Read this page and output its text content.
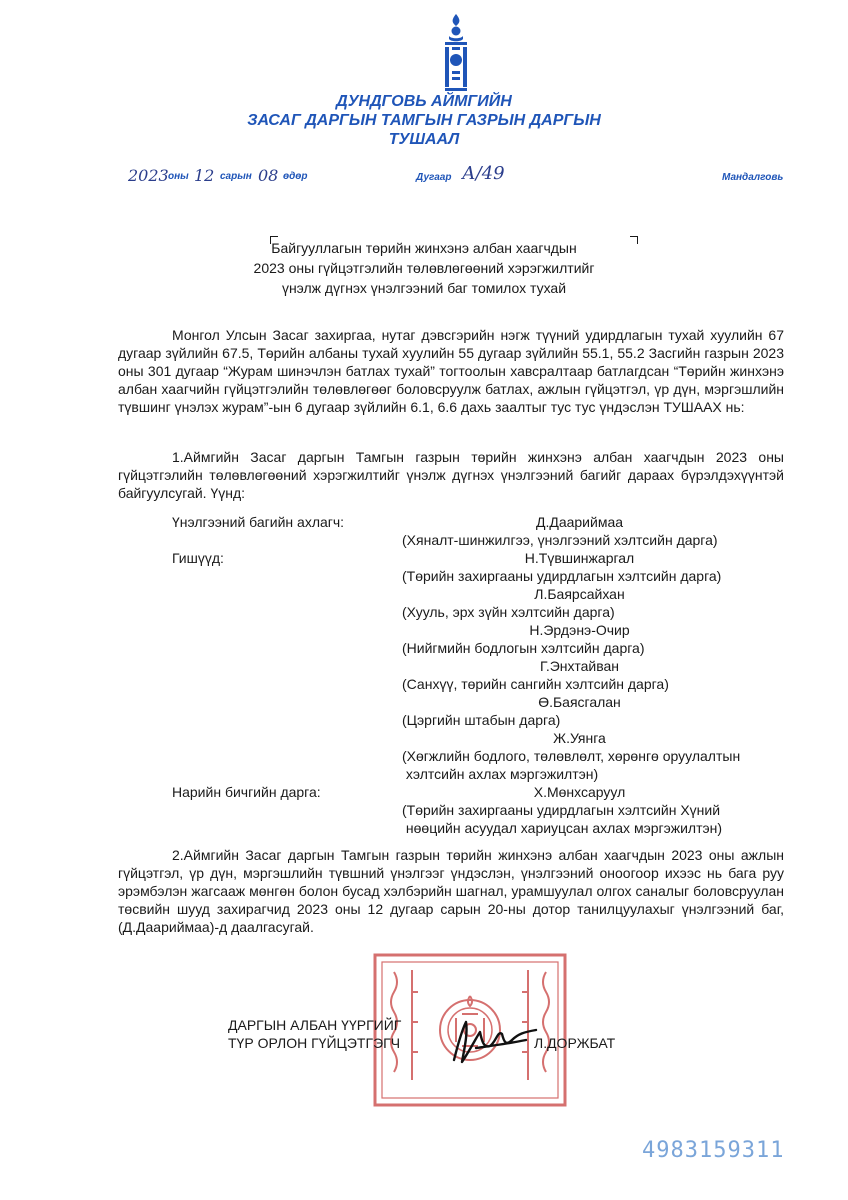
ДУНДГОВЬ АЙМГИЙН
ЗАСАГ ДАРГЫН ТАМГЫН ГАЗРЫН ДАРГЫН
ТУШААЛ
2023 оны 12 сарын 08 өдөр	Дугаар А/49	Мандалговь
Байгууллагын төрийн жинхэнэ албан хаагчдын
2023 оны гүйцэтгэлийн төлөвлөгөөний хэрэгжилтийг
үнэлж дүгнэх үнэлгээний баг томилох тухай
Монгол Улсын Засаг захиргаа, нутаг дэвсгэрийн нэгж түүний удирдлагын тухай хуулийн 67 дугаар зүйлийн 67.5, Төрийн албаны тухай хуулийн 55 дугаар зүйлийн 55.1, 55.2 Засгийн газрын 2023 оны 301 дугаар “Журам шинэчлэн батлах тухай” тогтоолын хавсралтаар батлагдсан “Төрийн жинхэнэ албан хаагчийн гүйцэтгэлийн төлөвлөгөөг боловсруулж батлах, ажлын гүйцэтгэл, үр дүн, мэргэшлийн түвшинг үнэлэх журам”-ын 6 дугаар зүйлийн 6.1, 6.6 дахь заалтыг тус тус үндэслэн ТУШААХ нь:
1.Аймгийн Засаг даргын Тамгын газрын төрийн жинхэнэ албан хаагчдын 2023 оны гүйцэтгэлийн төлөвлөгөөний хэрэгжилтийг үнэлж дүгнэх үнэлгээний багийг дараах бүрэлдэхүүнтэй байгуулсугай. Үүнд:
Үнэлгээний багийн ахлагч:	Д.Даариймаа
(Хяналт-шинжилгээ, үнэлгээний хэлтсийн дарга)
Гишүүд:	Н.Түвшинжаргал
(Төрийн захиргааны удирдлагын хэлтсийн дарга)
Л.Баярсайхан
(Хууль, эрх зүйн хэлтсийн дарга)
Н.Эрдэнэ-Очир
(Нийгмийн бодлогын хэлтсийн дарга)
Г.Энхтайван
(Санхүү, төрийн сангийн хэлтсийн дарга)
Ө.Баясгалан
(Цэргийн штабын дарга)
Ж.Уянга
(Хөгжлийн бодлого, төлөвлөлт, хөрөнгө оруулалтын
хэлтсийн ахлах мэргэжилтэн)
Нарийн бичгийн дарга:	Х.Мөнхсаруул
(Төрийн захиргааны удирдлагын хэлтсийн Хүний
нөөцийн асуудал хариуцсан ахлах мэргэжилтэн)
2.Аймгийн Засаг даргын Тамгын газрын төрийн жинхэнэ албан хаагчдын 2023 оны ажлын гүйцэтгэл, үр дүн, мэргэшлийн түвшний үнэлгээг үндэслэн, үнэлгээний оноогоор ихээс нь бага руу эрэмбэлэн жагсааж мөнгөн болон бусад хэлбэрийн шагнал, урамшуулал олгох саналыг боловсруулан төсвийн шууд захирагчид 2023 оны 12 дугаар сарын 20-ны дотор танилцуулахыг үнэлгээний баг, (Д.Даариймаа)-д даалгасугай.
ДАРГЫН АЛБАН ҮҮРГИЙГ
ТҮР ОРЛОН ГҮЙЦЭТГЭГЧ	Л.ДОРЖБАТ
4983159311
